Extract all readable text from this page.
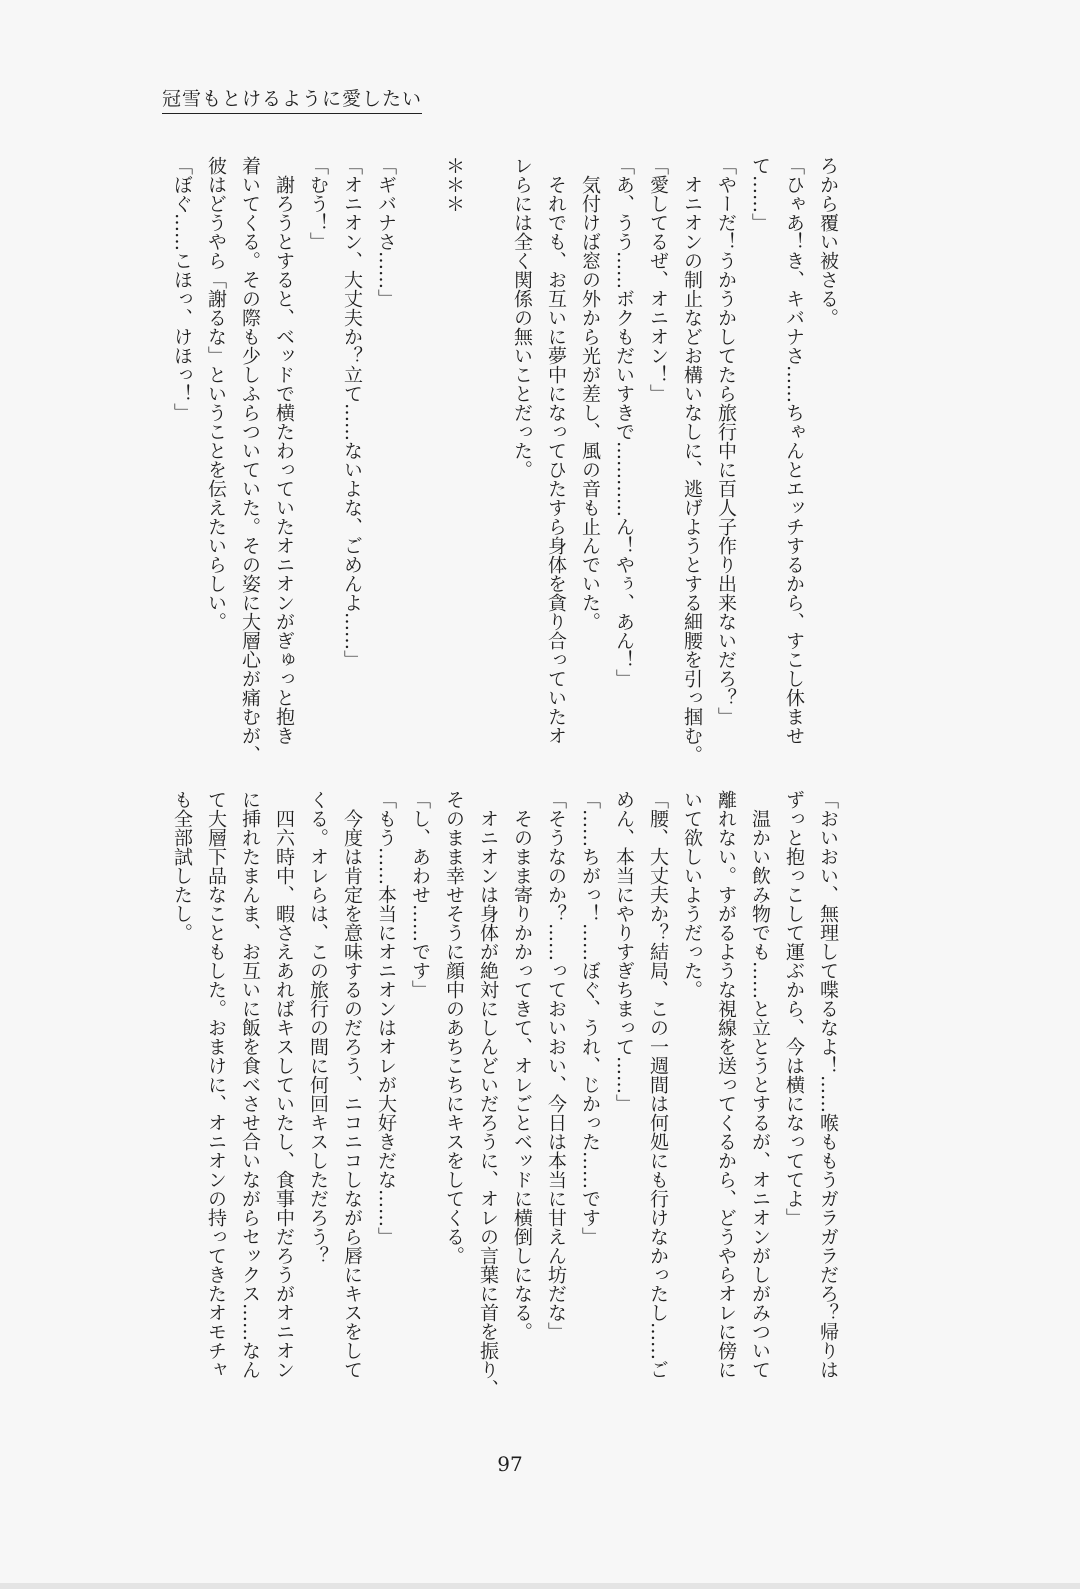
冠雪もとけるように愛したい
ろから覆い被さる。
「ひゃあ！き、キバナさ……ちゃんとエッチするから、すこし休ませ
て……」
「やーだ！うかうかしてたら旅行中に百人子作り出来ないだろ？」
　オニオンの制止などお構いなしに、逃げようとする細腰を引っ掴む。
「愛してるぜ、オニオン！」
「あ、うう……ボクもだいすきで…………ん！やぅ、あん！」
　気付けば窓の外から光が差し、風の音も止んでいた。
　それでも、お互いに夢中になってひたすら身体を貪り合っていたオ
レらには全く関係の無いことだった。
＊＊＊
「ギバナさ……」
「オニオン、大丈夫か？立て……ないよな、ごめんよ……」
「むう！」
　謝ろうとすると、ベッドで横たわっていたオニオンがぎゅっと抱き
着いてくる。その際も少しふらついていた。その姿に大層心が痛むが、
彼はどうやら「謝るな」ということを伝えたいらしい。
「ぼぐ……こほっ、けほっ！」
「おいおい、無理して喋るなよ！……喉ももうガラガラだろ？帰りは
ずっと抱っこして運ぶから、今は横になっててよ」
　温かい飲み物でも……と立とうとするが、オニオンがしがみついて
離れない。すがるような視線を送ってくるから、どうやらオレに傍に
いて欲しいようだった。
「腰、大丈夫か？結局、この一週間は何処にも行けなかったし……ご
めん、本当にやりすぎちまって……」
「……ちがっ！……ぼぐ、うれ、じかった……です」
「そうなのか？……っておいおい、今日は本当に甘えん坊だな」
　そのまま寄りかかってきて、オレごとベッドに横倒しになる。
　オニオンは身体が絶対にしんどいだろうに、オレの言葉に首を振り、
そのまま幸せそうに顔中のあちこちにキスをしてくる。
「し、あわせ……です」
「もう……本当にオニオンはオレが大好きだな……」
　今度は肯定を意味するのだろう、ニコニコしながら唇にキスをして
くる。オレらは、この旅行の間に何回キスしただろう？
　四六時中、暇さえあればキスしていたし、食事中だろうがオニオン
に挿れたまんま、お互いに飯を食べさせ合いながらセックス……なん
て大層下品なこともした。おまけに、オニオンの持ってきたオモチャ
も全部試したし。
97
